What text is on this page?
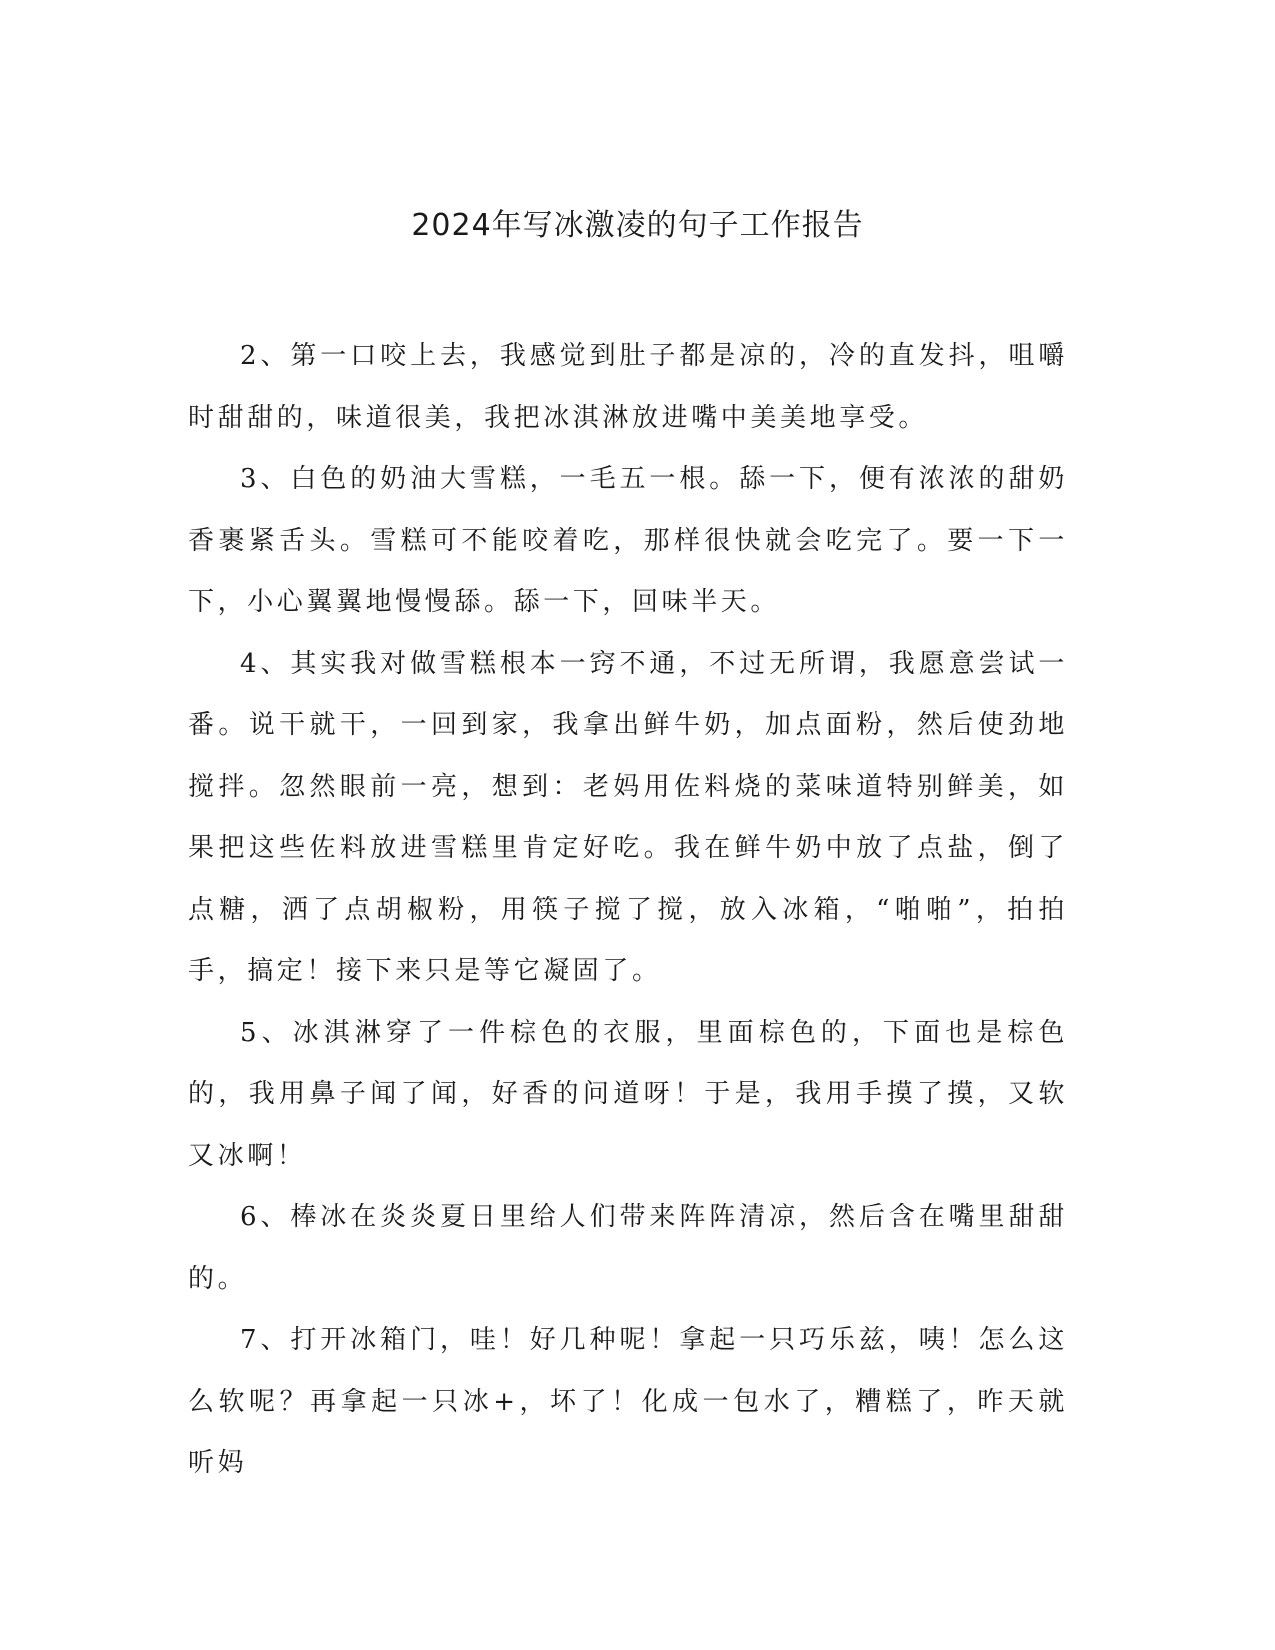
2024年写冰激凌的句子工作报告

2、第一口咬上去，我感觉到肚子都是凉的，冷的直发抖，咀嚼时甜甜的，味道很美，我把冰淇淋放进嘴中美美地享受。

3、白色的奶油大雪糕，一毛五一根。舔一下，便有浓浓的甜奶香裹紧舌头。雪糕可不能咬着吃，那样很快就会吃完了。要一下一下，小心翼翼地慢慢舔。舔一下，回味半天。

4、其实我对做雪糕根本一窍不通，不过无所谓，我愿意尝试一番。说干就干，一回到家，我拿出鲜牛奶，加点面粉，然后使劲地搅拌。忽然眼前一亮，想到：老妈用佐料烧的菜味道特别鲜美，如果把这些佐料放进雪糕里肯定好吃。我在鲜牛奶中放了点盐，倒了点糖，洒了点胡椒粉，用筷子搅了搅，放入冰箱，“啪啪”，拍拍手，搞定！接下来只是等它凝固了。

5、冰淇淋穿了一件棕色的衣服，里面棕色的，下面也是棕色的，我用鼻子闻了闻，好香的问道呀！于是，我用手摸了摸，又软又冰啊！

6、棒冰在炎炎夏日里给人们带来阵阵清凉，然后含在嘴里甜甜的。

7、打开冰箱门，哇！好几种呢！拿起一只巧乐兹，咦！怎么这么软呢？再拿起一只冰+，坏了！化成一包水了，糟糕了，昨天就听妈
